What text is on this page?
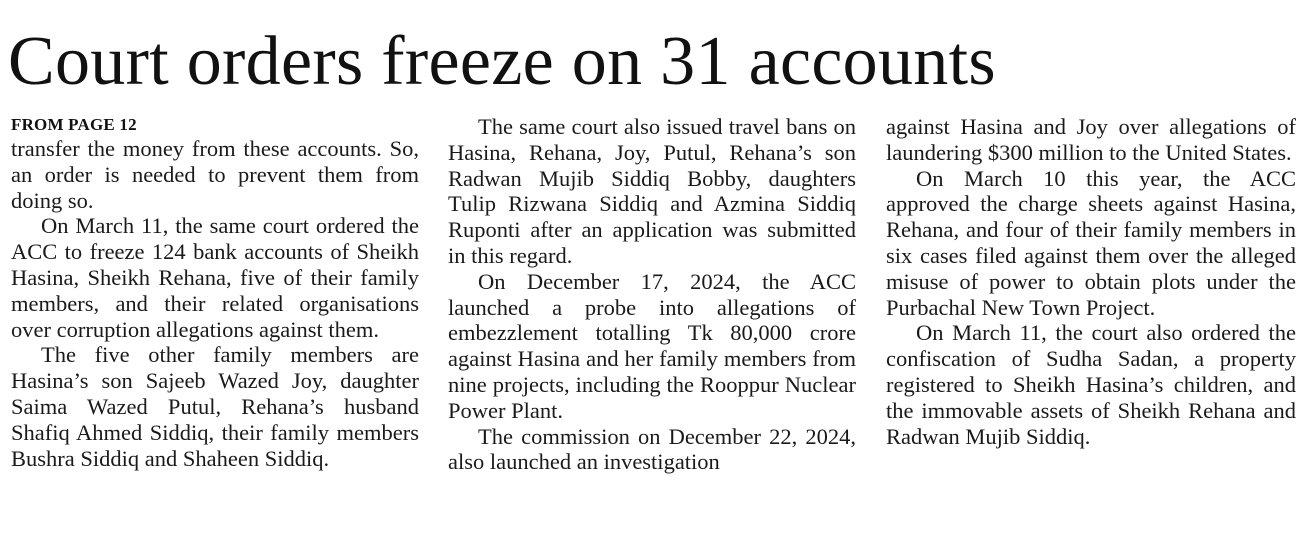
Court orders freeze on 31 accounts
FROM PAGE 12

transfer the money from these accounts. So, an order is needed to prevent them from doing so.

On March 11, the same court ordered the ACC to freeze 124 bank accounts of Sheikh Hasina, Sheikh Rehana, five of their family members, and their related organisations over corruption allegations against them.

The five other family members are Hasina’s son Sajeeb Wazed Joy, daughter Saima Wazed Putul, Rehana’s husband Shafiq Ahmed Siddiq, their family members Bushra Siddiq and Shaheen Siddiq.

The same court also issued travel bans on Hasina, Rehana, Joy, Putul, Rehana’s son Radwan Mujib Siddiq Bobby, daughters Tulip Rizwana Siddiq and Azmina Siddiq Ruponti after an application was submitted in this regard.

On December 17, 2024, the ACC launched a probe into allegations of embezzlement totalling Tk 80,000 crore against Hasina and her family members from nine projects, including the Rooppur Nuclear Power Plant.

The commission on December 22, 2024, also launched an investigation

against Hasina and Joy over allegations of laundering $300 million to the United States.

On March 10 this year, the ACC approved the charge sheets against Hasina, Rehana, and four of their family members in six cases filed against them over the alleged misuse of power to obtain plots under the Purbachal New Town Project.

On March 11, the court also ordered the confiscation of Sudha Sadan, a property registered to Sheikh Hasina’s children, and the immovable assets of Sheikh Rehana and Radwan Mujib Siddiq.
